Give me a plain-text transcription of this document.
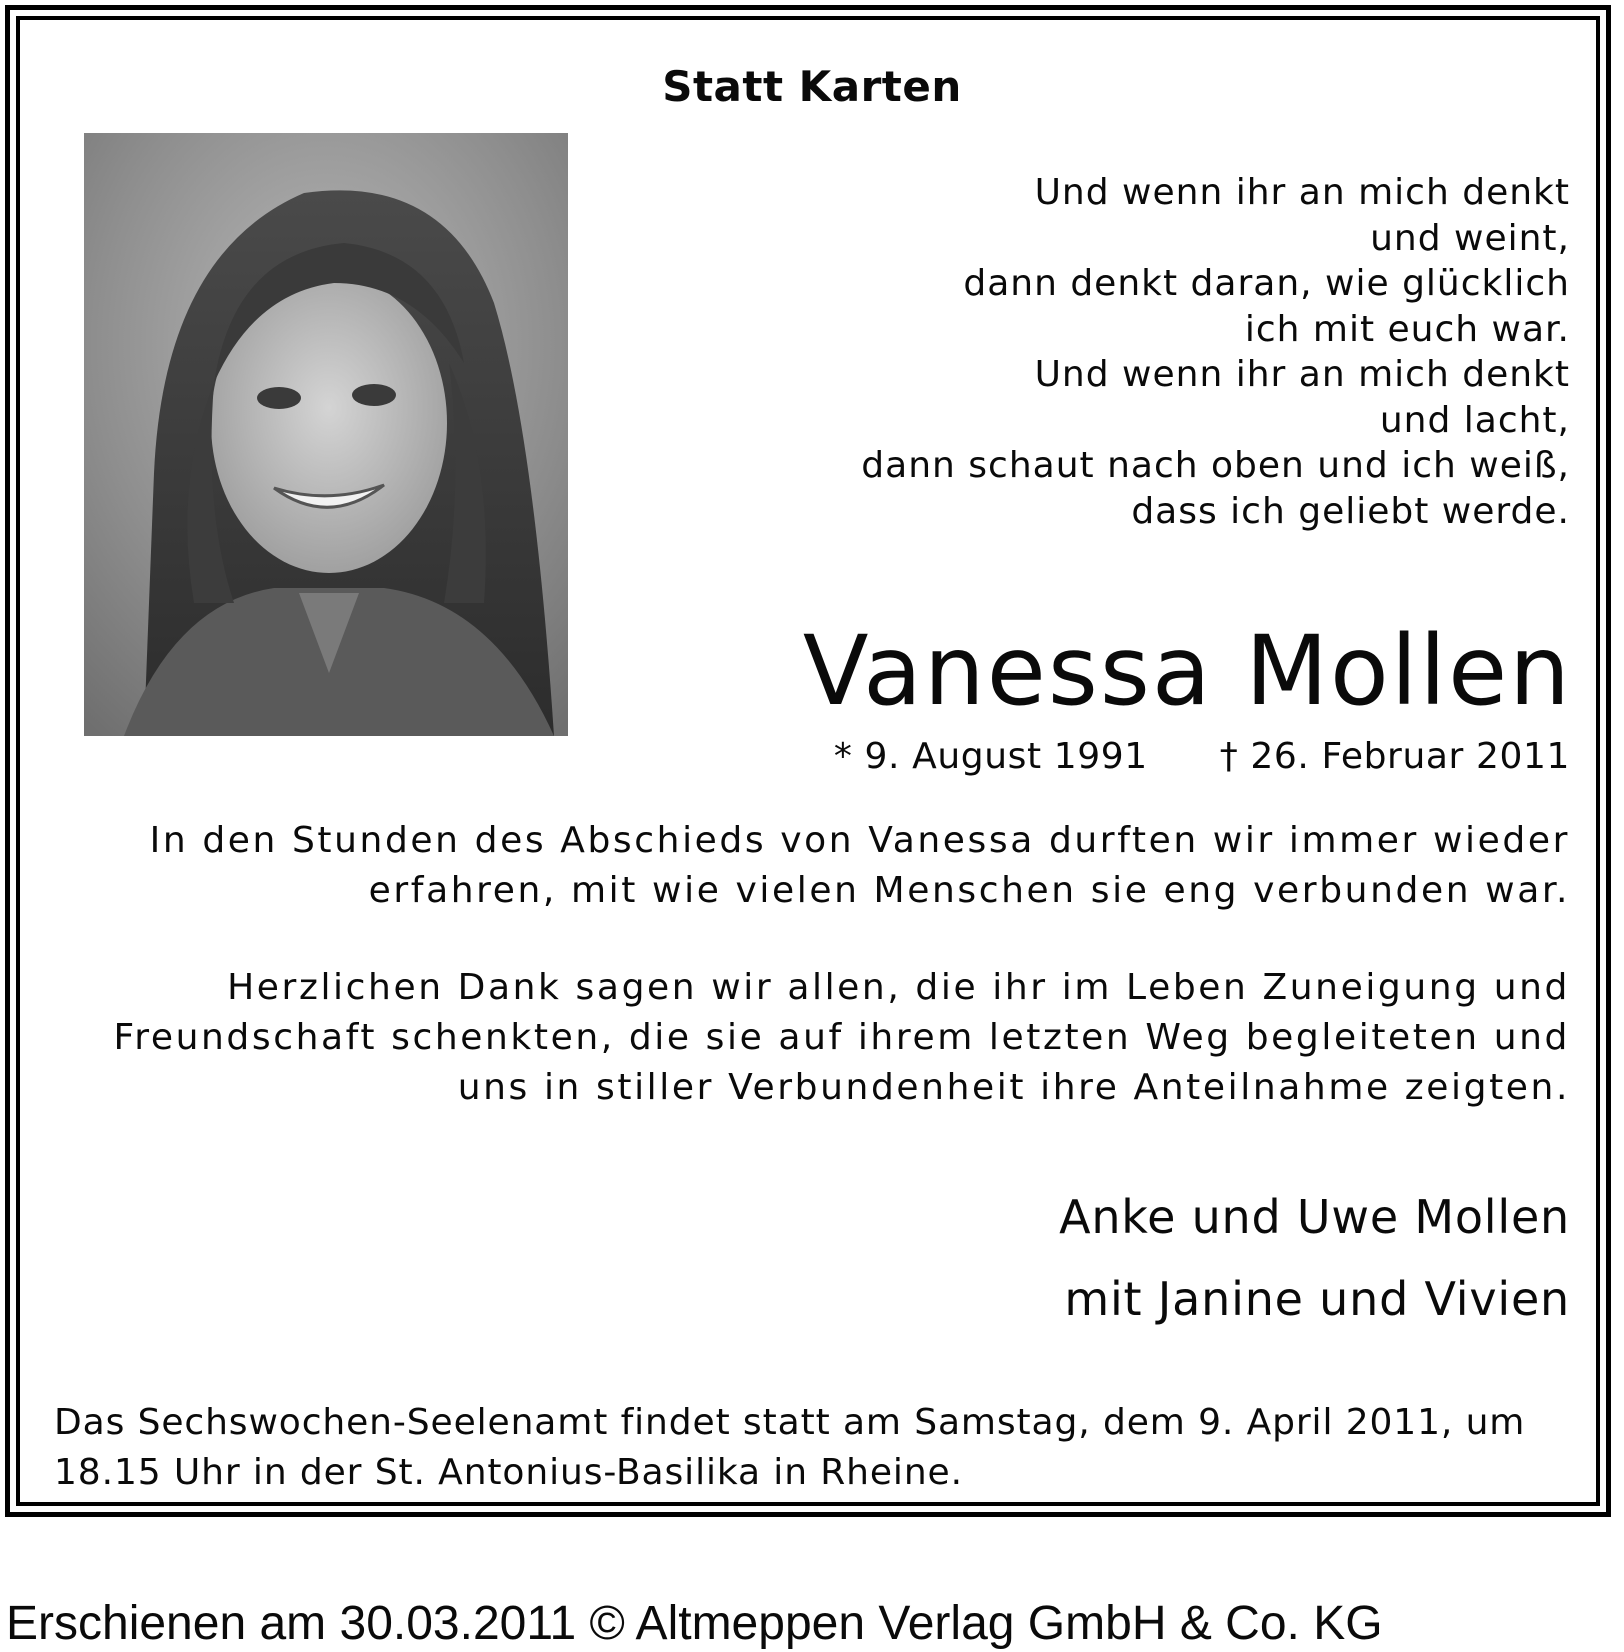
Statt Karten
Und wenn ihr an mich denkt
und weint,
dann denkt daran, wie glücklich
ich mit euch war.
Und wenn ihr an mich denkt
und lacht,
dann schaut nach oben und ich weiß,
dass ich geliebt werde.
Vanessa Mollen
* 9. August 1991 † 26. Februar 2011
In den Stunden des Abschieds von Vanessa durften wir immer wieder
erfahren, mit wie vielen Menschen sie eng verbunden war.
Herzlichen Dank sagen wir allen, die ihr im Leben Zuneigung und
Freundschaft schenkten, die sie auf ihrem letzten Weg begleiteten und
uns in stiller Verbundenheit ihre Anteilnahme zeigten.
Anke und Uwe Mollen
mit Janine und Vivien
Das Sechswochen-Seelenamt findet statt am Samstag, dem 9. April 2011, um
18.15 Uhr in der St. Antonius-Basilika in Rheine.
Erschienen am 30.03.2011 © Altmeppen Verlag GmbH & Co. KG
